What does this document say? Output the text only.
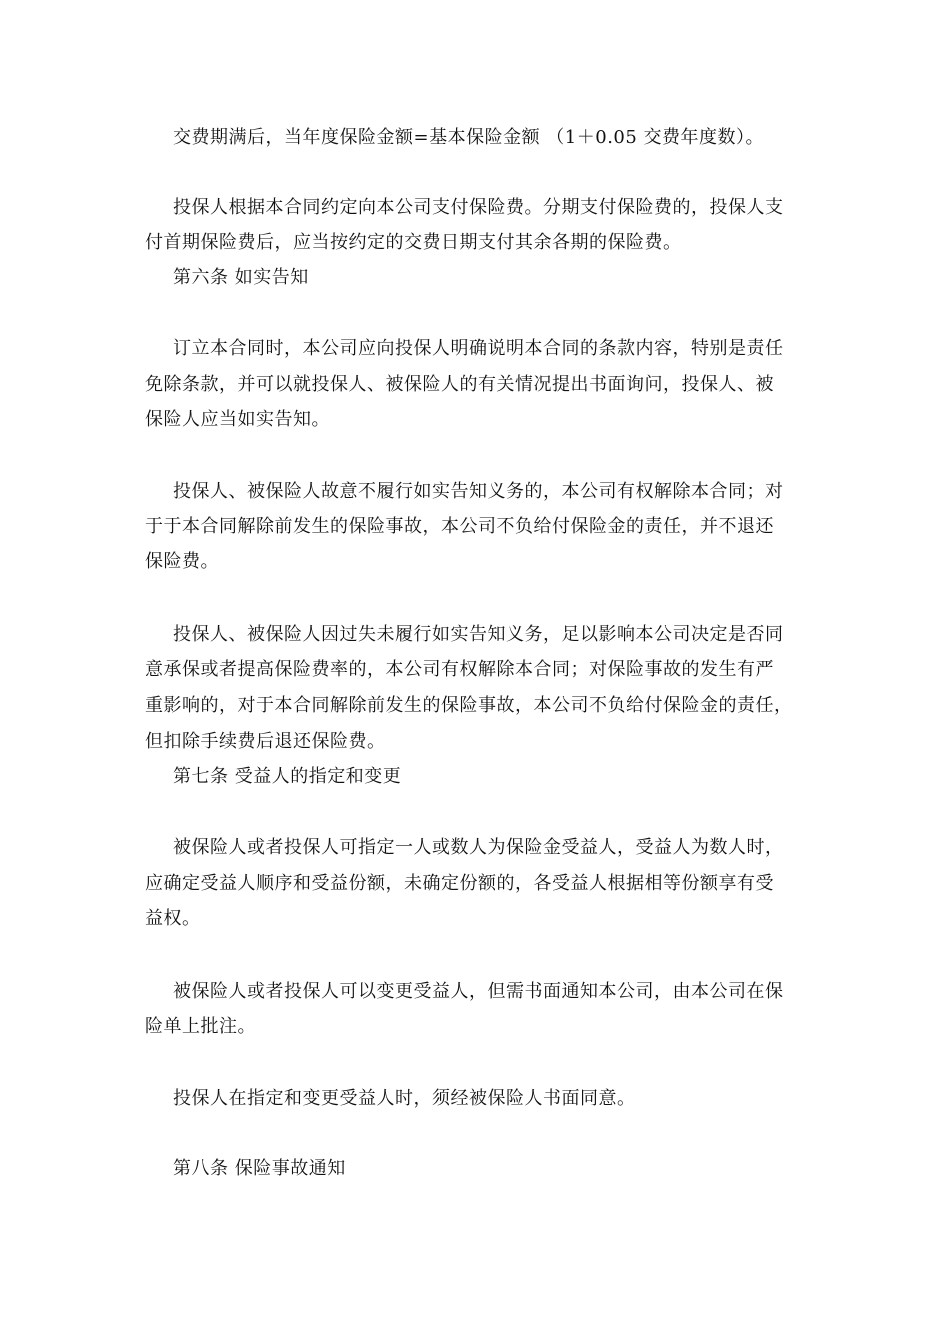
交费期满后，当年度保险金额=基本保险金额 （1＋0.05 交费年度数）。
投保人根据本合同约定向本公司支付保险费。分期支付保险费的，投保人支
付首期保险费后，应当按约定的交费日期支付其余各期的保险费。
第六条 如实告知
订立本合同时，本公司应向投保人明确说明本合同的条款内容，特别是责任
免除条款，并可以就投保人、被保险人的有关情况提出书面询问，投保人、被
保险人应当如实告知。
投保人、被保险人故意不履行如实告知义务的，本公司有权解除本合同；对
于于本合同解除前发生的保险事故，本公司不负给付保险金的责任，并不退还
保险费。
投保人、被保险人因过失未履行如实告知义务，足以影响本公司决定是否同
意承保或者提高保险费率的，本公司有权解除本合同；对保险事故的发生有严
重影响的，对于本合同解除前发生的保险事故，本公司不负给付保险金的责任，
但扣除手续费后退还保险费。
第七条 受益人的指定和变更
被保险人或者投保人可指定一人或数人为保险金受益人，受益人为数人时，
应确定受益人顺序和受益份额，未确定份额的，各受益人根据相等份额享有受
益权。
被保险人或者投保人可以变更受益人，但需书面通知本公司，由本公司在保
险单上批注。
投保人在指定和变更受益人时，须经被保险人书面同意。
第八条 保险事故通知
